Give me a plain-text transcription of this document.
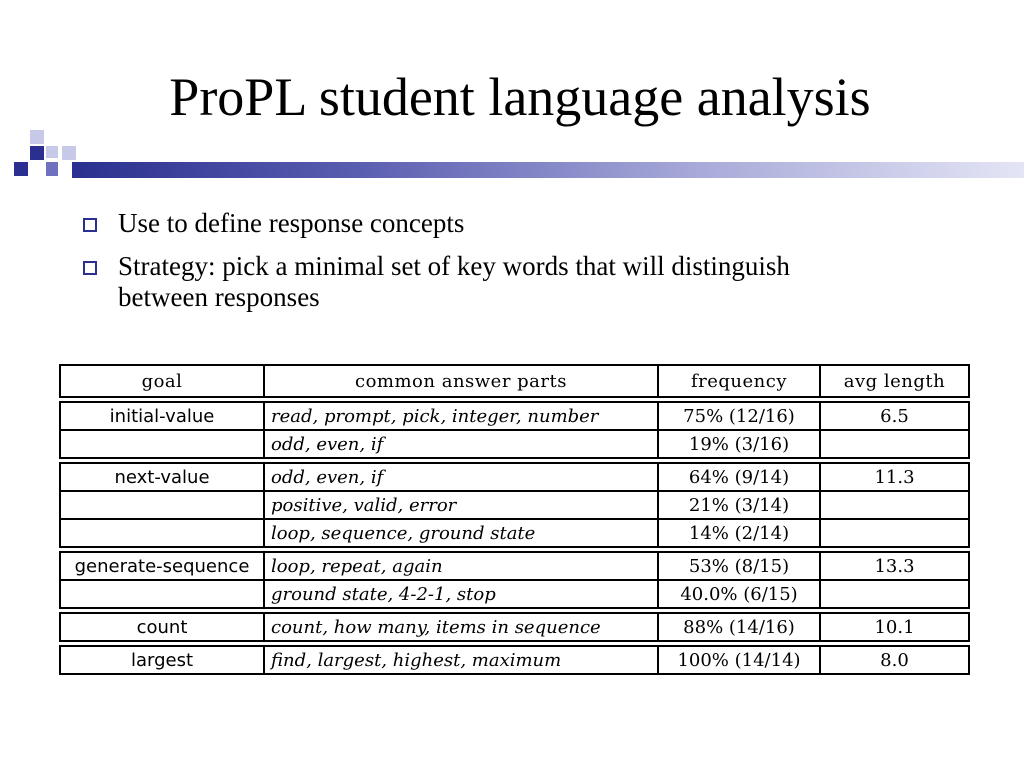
ProPL student language analysis
Use to define response concepts
Strategy: pick a minimal set of key words that will distinguish between responses
goal	common answer parts	frequency	avg length

initial-value	read, prompt, pick, integer, number	75% (12/16)	6.5
	odd, even, if	19% (3/16)	

next-value	odd, even, if	64% (9/14)	11.3
	positive, valid, error	21% (3/14)	
	loop, sequence, ground state	14% (2/14)	

generate-sequence	loop, repeat, again	53% (8/15)	13.3
	ground state, 4-2-1, stop	40.0% (6/15)	

count	count, how many, items in sequence	88% (14/16)	10.1

largest	find, largest, highest, maximum	100% (14/14)	8.0
